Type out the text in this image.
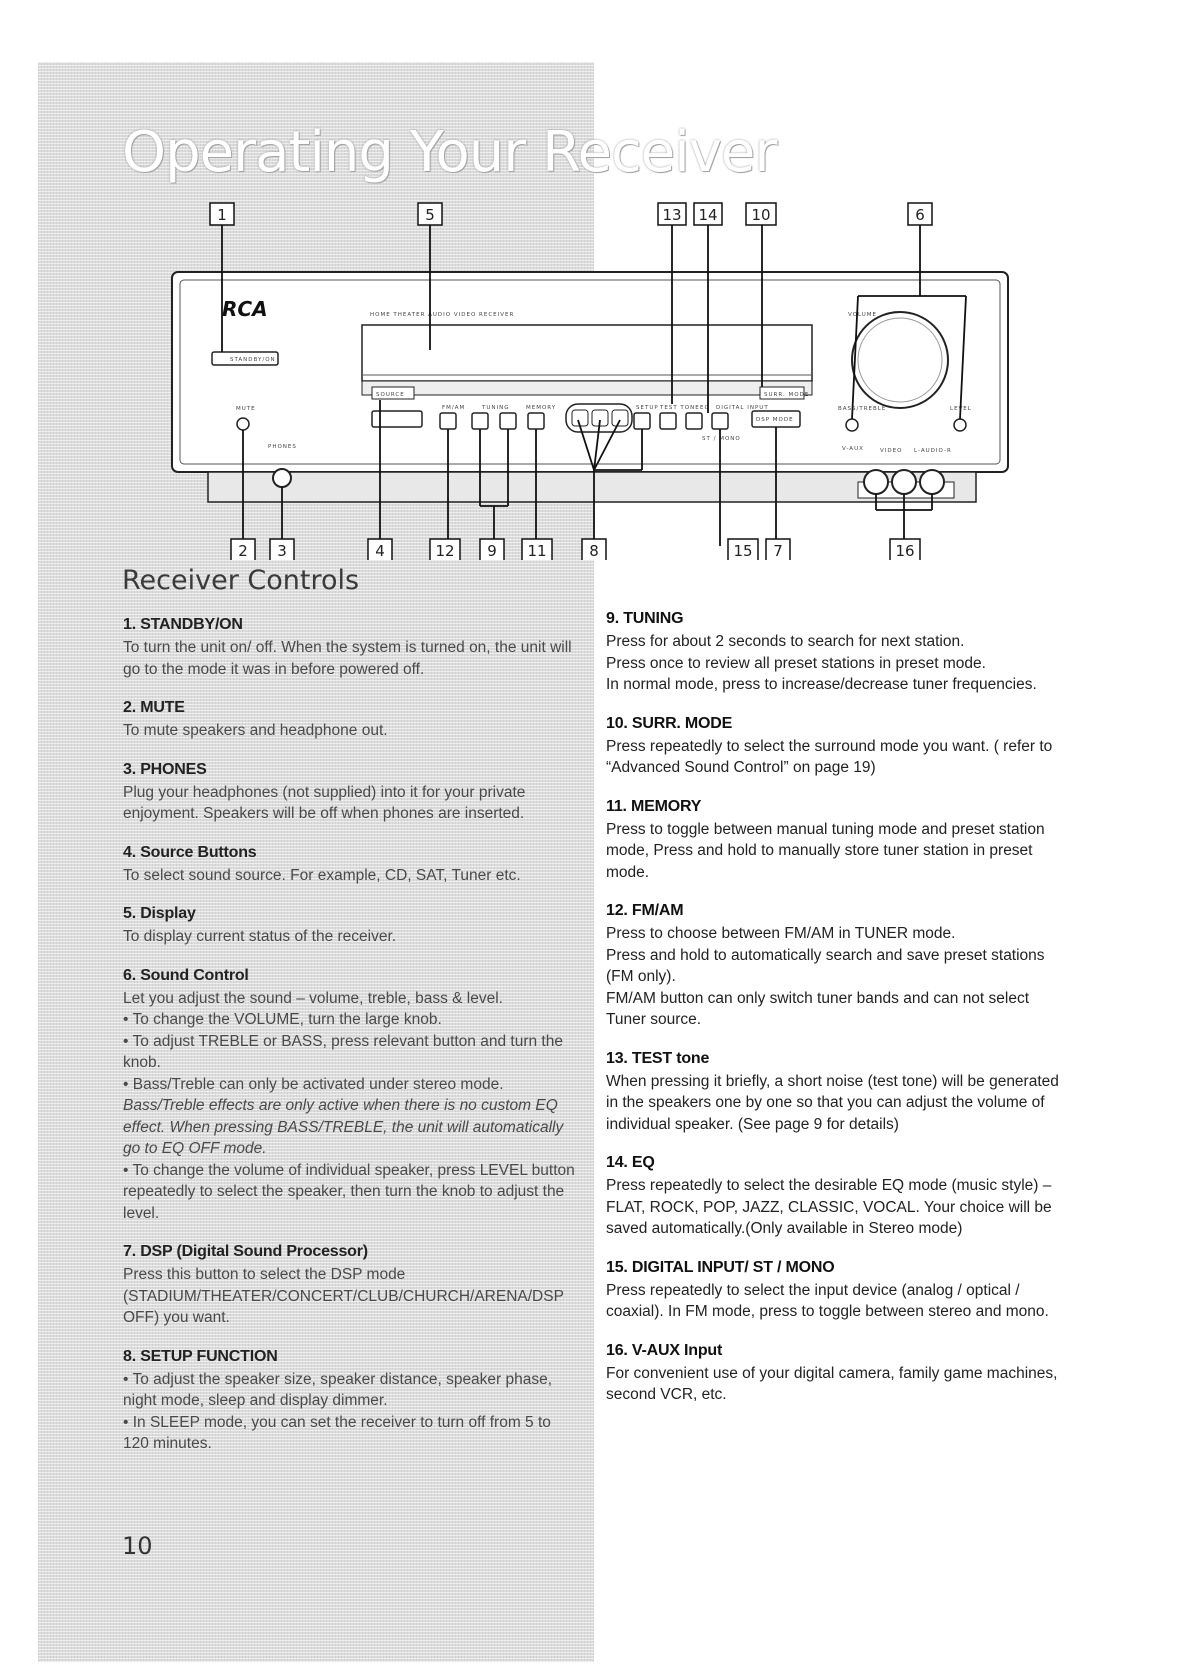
Operating Your Receiver
RCA	HOME THEATER AUDIO VIDEO RECEIVER
STANDBY/ON
MUTE
PHONES
SOURCE
FM/AM	TUNING	MEMORY	SETUP TEST TONE EQ DIGITAL INPUT
ST / MONO
SURR. MODE
DSP MODE
VOLUME
BASS/TREBLE	LEVEL
V-AUX	VIDEO L-AUDIO-R
1	5	13 14 10	6
2 3	4	12 9 11	8	15 7	16
Receiver Controls
1. STANDBY/ON

To turn the unit on/ off. When the system is turned on, the unit will go to the mode it was in before powered off.

2. MUTE

To mute speakers and headphone out.

3. PHONES

Plug your headphones (not supplied) into it for your private enjoyment. Speakers will be off when phones are inserted.

4. Source Buttons

To select sound source. For example, CD, SAT, Tuner etc.

5. Display

To display current status of the receiver.

6. Sound Control

Let you adjust the sound – volume, treble, bass & level.

• To change the VOLUME, turn the large knob.

• To adjust TREBLE or BASS, press relevant button and turn the knob.

• Bass/Treble can only be activated under stereo mode.

Bass/Treble effects are only active when there is no custom EQ effect. When pressing BASS/TREBLE, the unit will automatically go to EQ OFF mode.

• To change the volume of individual speaker, press LEVEL button repeatedly to select the speaker, then turn the knob to adjust the level.

7. DSP (Digital Sound Processor)

Press this button to select the DSP mode (STADIUM/THEATER/CONCERT/CLUB/CHURCH/ARENA/DSP OFF) you want.

8. SETUP FUNCTION

• To adjust the speaker size, speaker distance, speaker phase, night mode, sleep and display dimmer.

• In SLEEP mode, you can set the receiver to turn off from 5 to 120 minutes.

9. TUNING

Press for about 2 seconds to search for next station.

Press once to review all preset stations in preset mode.

In normal mode, press to increase/decrease tuner frequencies.

10. SURR. MODE

Press repeatedly to select the surround mode you want. ( refer to “Advanced Sound Control” on page 19)

11. MEMORY

Press to toggle between manual tuning mode and preset station mode, Press and hold to manually store tuner station in preset mode.

12. FM/AM

Press to choose between FM/AM in TUNER mode.

Press and hold to automatically search and save preset stations (FM only).

FM/AM button can only switch tuner bands and can not select Tuner source.

13. TEST tone

When pressing it briefly, a short noise (test tone) will be generated in the speakers one by one so that you can adjust the volume of individual speaker. (See page 9 for details)

14. EQ

Press repeatedly to select the desirable EQ mode (music style) – FLAT, ROCK, POP, JAZZ, CLASSIC, VOCAL. Your choice will be saved automatically.(Only available in Stereo mode)

15. DIGITAL INPUT/ ST / MONO

Press repeatedly to select the input device (analog / optical / coaxial). In FM mode, press to toggle between stereo and mono.

16. V-AUX Input

For convenient use of your digital camera, family game machines, second VCR, etc.

10
